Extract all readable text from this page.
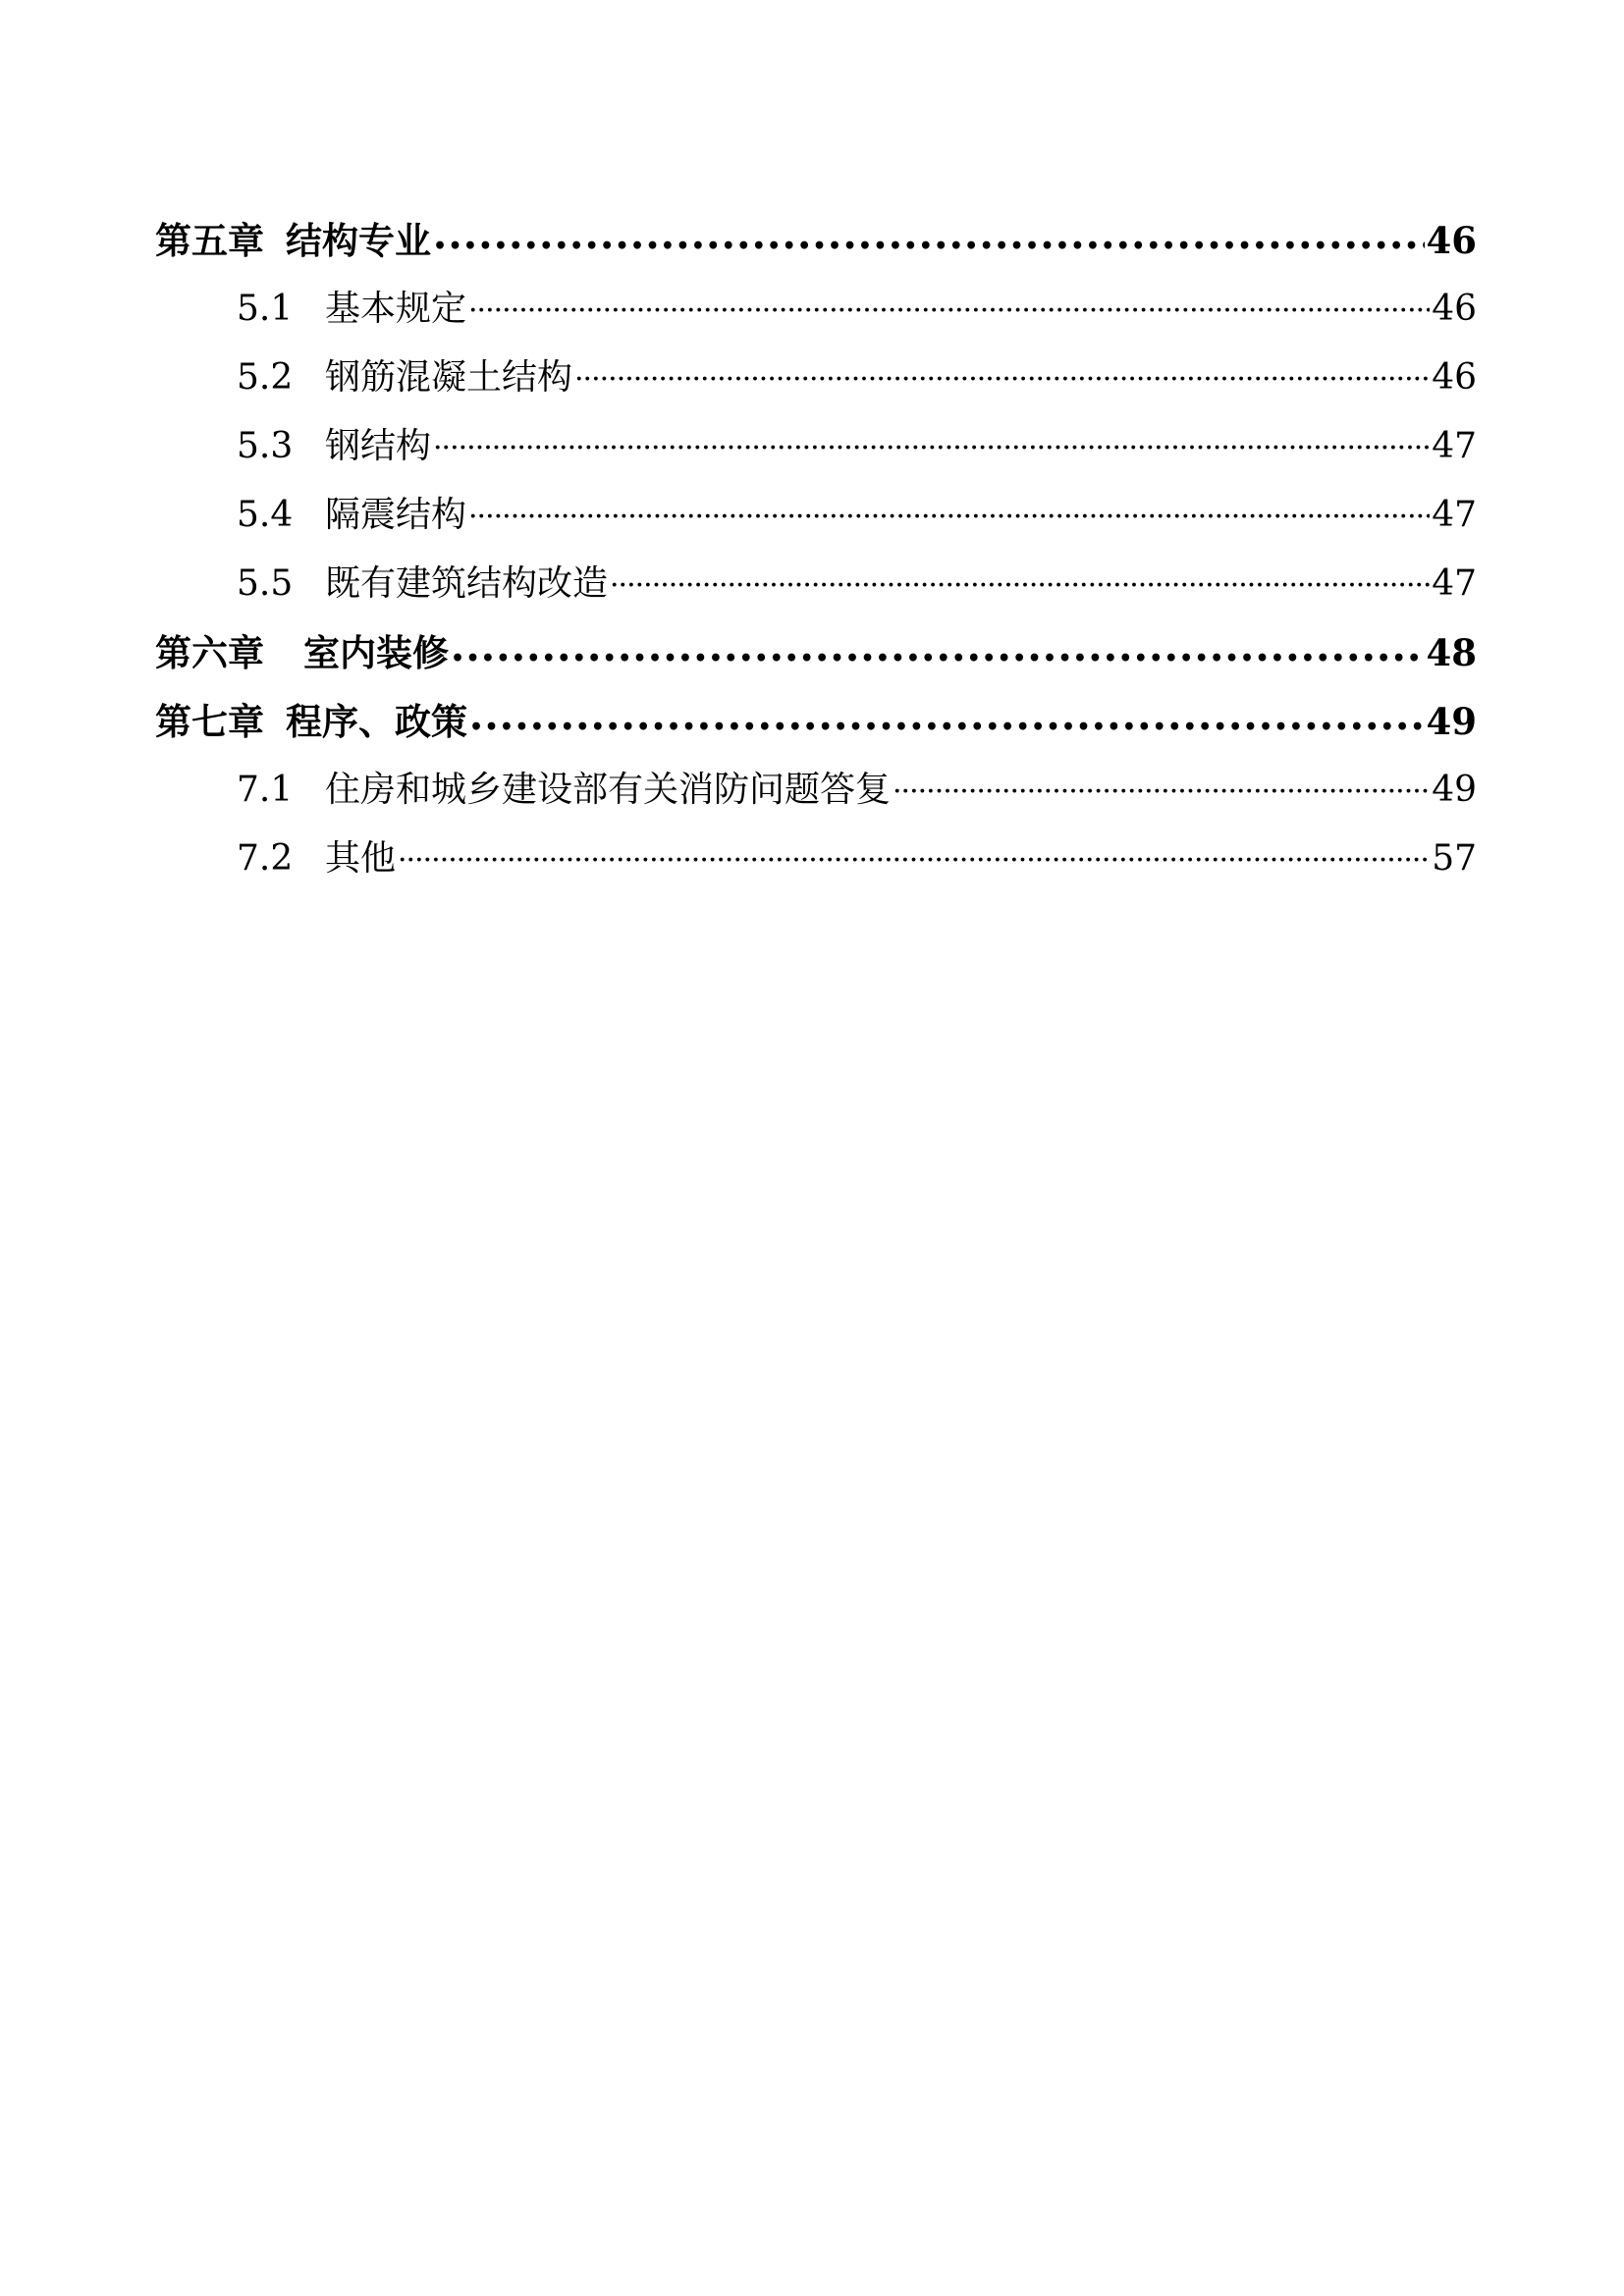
第五章 结构专业 •••••	46
5.1 基本规定 ·····	46
5.2 钢筋混凝土结构 ·····	46
5.3 钢结构 ·····	47
5.4 隔震结构 ·····	47
5.5 既有建筑结构改造 ·····	47
第六章 室内装修 •••••	48
第七章 程序、政策 •••••	49
7.1 住房和城乡建设部有关消防问题答复 ·····	49
7.2 其他 ·····	57
